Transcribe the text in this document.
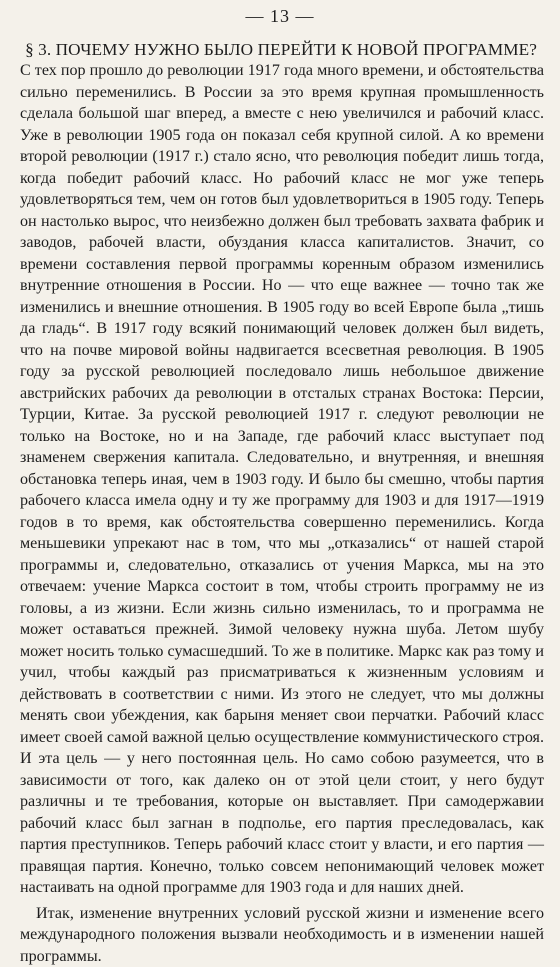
— 13 —
§ 3. ПОЧЕМУ НУЖНО БЫЛО ПЕРЕЙТИ К НОВОЙ ПРОГРАММЕ?

С тех пор прошло до революции 1917 года много времени, и обстоятельства сильно переменились. В России за это время крупная промышленность сделала большой шаг вперед, а вместе с нею увеличился и рабочий класс. Уже в революции 1905 года он показал себя крупной силой. А ко времени второй революции (1917 г.) стало ясно, что революция победит лишь тогда, когда победит рабочий класс. Но рабочий класс не мог уже теперь удовлетворяться тем, чем он готов был удовлетвориться в 1905 году. Теперь он настолько вырос, что неизбежно должен был требовать захвата фабрик и заводов, рабочей власти, обуздания класса капиталистов. Значит, со времени составления первой программы коренным образом изменились внутренние отношения в России. Но — что еще важнее — точно так же изменились и внешние отношения. В 1905 году во всей Европе была „тишь да гладь“. В 1917 году всякий понимающий человек должен был видеть, что на почве мировой войны надвигается всесветная революция. В 1905 году за русской революцией последовало лишь небольшое движение австрийских рабочих да революции в отсталых странах Востока: Персии, Турции, Китае. За русской революцией 1917 г. следуют революции не только на Востоке, но и на Западе, где рабочий класс выступает под знаменем свержения капитала. Следовательно, и внутренняя, и внешняя обстановка теперь иная, чем в 1903 году. И было бы смешно, чтобы партия рабочего класса имела одну и ту же программу для 1903 и для 1917—1919 годов в то время, как обстоятельства совершенно переменились. Когда меньшевики упрекают нас в том, что мы „отказались“ от нашей старой программы и, следовательно, отказались от учения Маркса, мы на это отвечаем: учение Маркса состоит в том, чтобы строить программу не из головы, а из жизни. Если жизнь сильно изменилась, то и программа не может оставаться прежней. Зимой человеку нужна шуба. Летом шубу может носить только сумасшедший. То же в политике. Маркс как раз тому и учил, чтобы каждый раз присматриваться к жизненным условиям и действовать в соответствии с ними. Из этого не следует, что мы должны менять свои убеждения, как барыня меняет свои перчатки. Рабочий класс имеет своей самой важной целью осуществление коммунистического строя. И эта цель — у него постоянная цель. Но само собою разумеется, что в зависимости от того, как далеко он от этой цели стоит, у него будут различны и те требования, которые он выставляет. При самодержавии рабочий класс был загнан в подполье, его партия преследовалась, как партия преступников. Теперь рабочий класс стоит у власти, и его партия — правящая партия. Конечно, только совсем непонимающий человек может настаивать на одной программе для 1903 года и для наших дней.

Итак, изменение внутренних условий русской жизни и изменение всего международного положения вызвали необходимость и в изменении нашей программы.
